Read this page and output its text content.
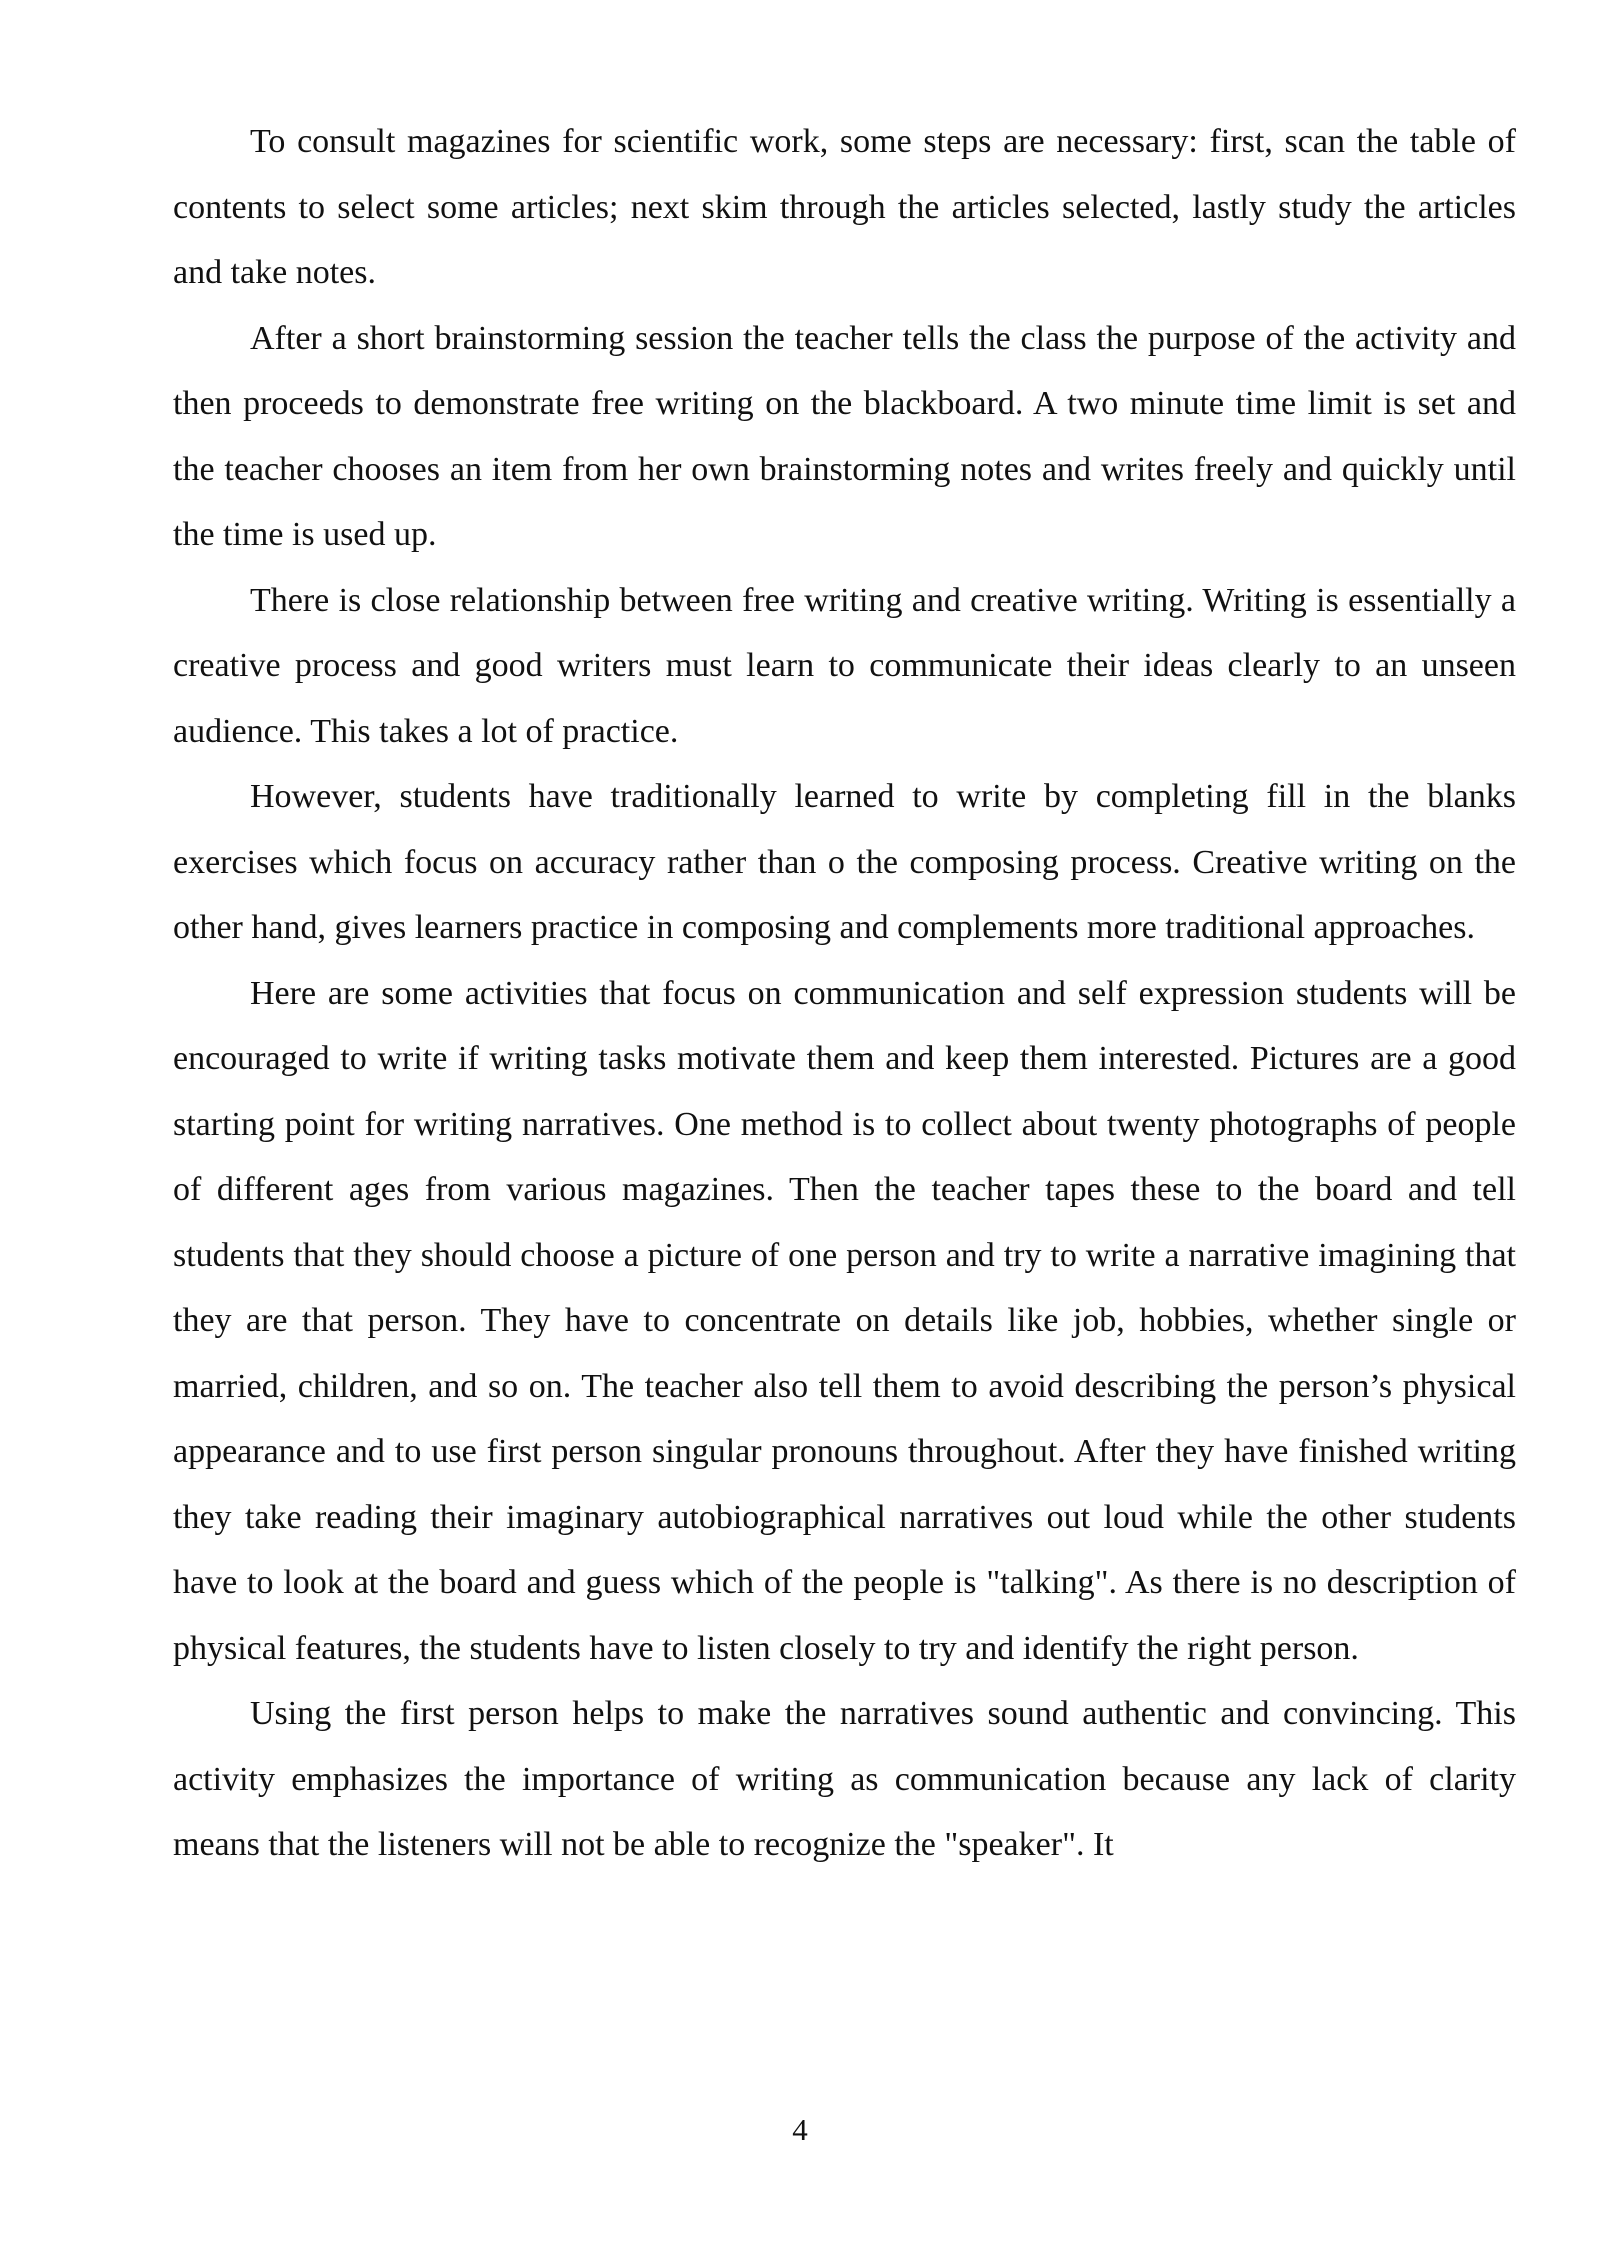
To consult magazines for scientific work, some steps are necessary: first, scan the table of contents to select some articles; next skim through the articles selected, lastly study the articles and take notes.

After a short brainstorming session the teacher tells the class the purpose of the activity and then proceeds to demonstrate free writing on the blackboard. A two minute time limit is set and the teacher chooses an item from her own brainstorming notes and writes freely and quickly until the time is used up.

There is close relationship between free writing and creative writing. Writing is essentially a creative process and good writers must learn to communicate their ideas clearly to an unseen audience. This takes a lot of practice.

However, students have traditionally learned to write by completing fill in the blanks exercises which focus on accuracy rather than o the composing process. Creative writing on the other hand, gives learners practice in composing and complements more traditional approaches.

Here are some activities that focus on communication and self expression students will be encouraged to write if writing tasks motivate them and keep them interested. Pictures are a good starting point for writing narratives. One method is to collect about twenty photographs of people of different ages from various magazines. Then the teacher tapes these to the board and tell students that they should choose a picture of one person and try to write a narrative imagining that they are that person. They have to concentrate on details like job, hobbies, whether single or married, children, and so on. The teacher also tell them to avoid describing the person’s physical appearance and to use first person singular pronouns throughout. After they have finished writing they take reading their imaginary autobiographical narratives out loud while the other students have to look at the board and guess which of the people is "talking". As there is no description of physical features, the students have to listen closely to try and identify the right person.

Using the first person helps to make the narratives sound authentic and convincing. This activity emphasizes the importance of writing as communication because any lack of clarity means that the listeners will not be able to recognize the "speaker". It

4
